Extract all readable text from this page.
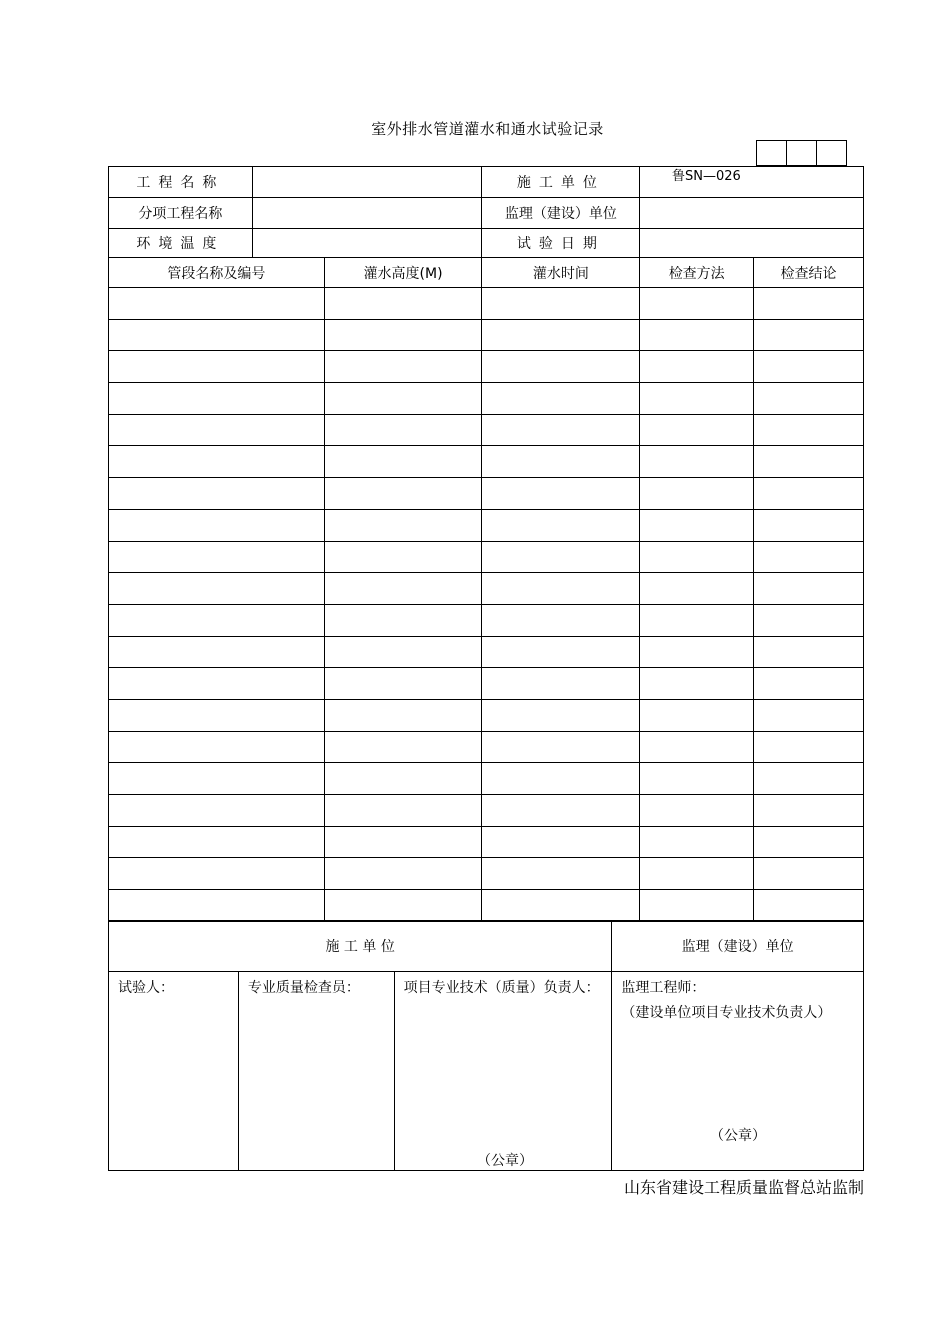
室外排水管道灌水和通水试验记录
鲁SN—026
工程名称			施工单位		
分项工程名称			监理（建设）单位		
环境温度			试验日期		
管段名称及编号		灌水高度(M)	灌水时间	检查方法	检查结论

施 工 单 位			监理（建设）单位

试验人：	专业质量检查员：	项目专业技术（质量）负责人：	监理工程师：
（建设单位项目专业技术负责人）
（公章）
（公章）
山东省建设工程质量监督总站监制
